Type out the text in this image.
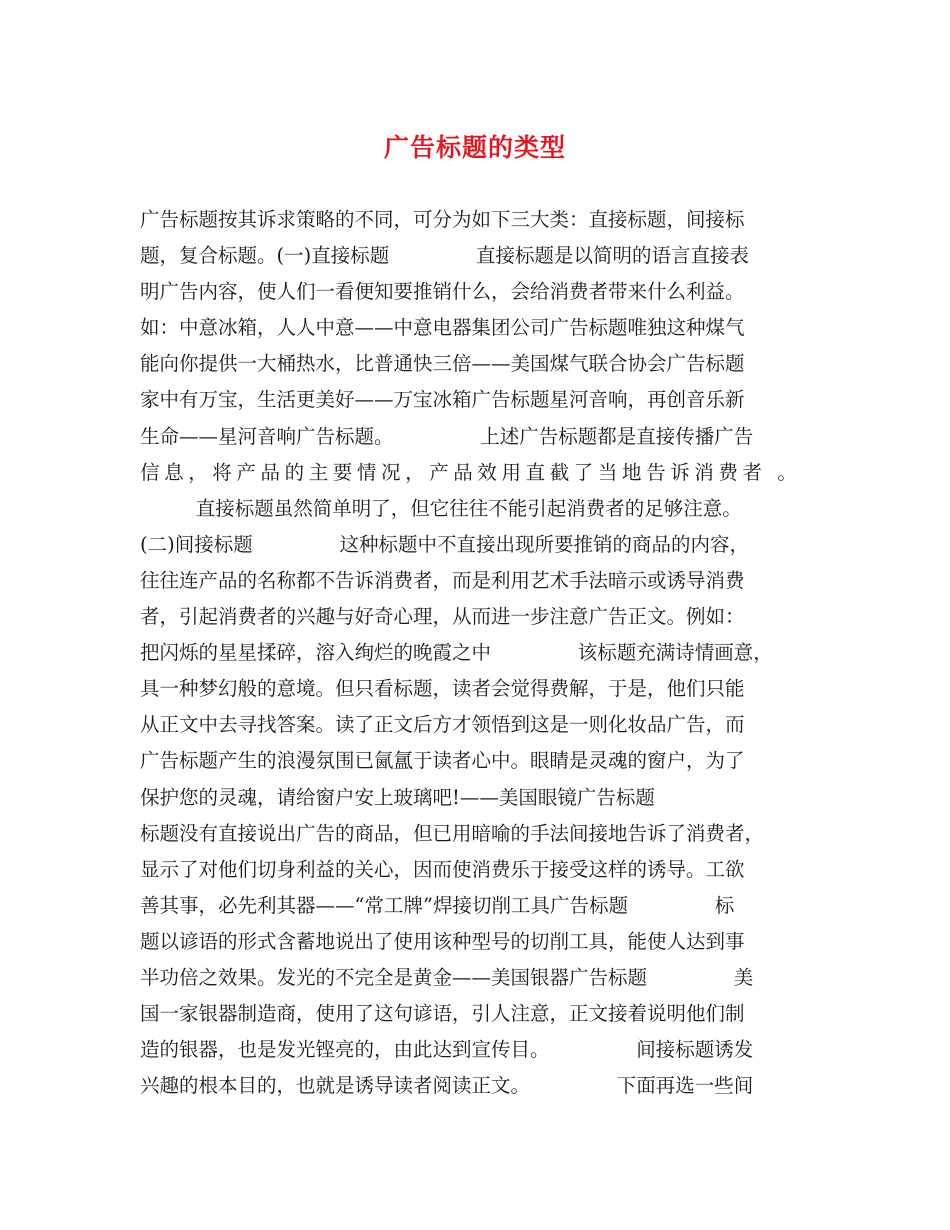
广告标题的类型
广告标题按其诉求策略的不同，可分为如下三大类：直接标题，间接标
题，复合标题。(一)直接标题              直接标题是以简明的语言直接表
明广告内容，使人们一看便知要推销什么，会给消费者带来什么利益。
如：中意冰箱，人人中意——中意电器集团公司广告标题唯独这种煤气
能向你提供一大桶热水，比普通快三倍——美国煤气联合协会广告标题
家中有万宝，生活更美好——万宝冰箱广告标题星河音响，再创音乐新
生命——星河音响广告标题。              上述广告标题都是直接传播广告
信息，将产品的主要情况，产品效用直截了当地告诉消费者 。
直接标题虽然简单明了，但它往往不能引起消费者的足够注意。
(二)间接标题              这种标题中不直接出现所要推销的商品的内容，
往往连产品的名称都不告诉消费者，而是利用艺术手法暗示或诱导消费
者，引起消费者的兴趣与好奇心理，从而进一步注意广告正文。例如：
把闪烁的星星揉碎，溶入绚烂的晚霞之中              该标题充满诗情画意，
具一种梦幻般的意境。但只看标题，读者会觉得费解，于是，他们只能
从正文中去寻找答案。读了正文后方才领悟到这是一则化妆品广告，而
广告标题产生的浪漫氛围已氤氲于读者心中。眼睛是灵魂的窗户，为了
保护您的灵魂，请给窗户安上玻璃吧!——美国眼镜广告标题
标题没有直接说出广告的商品，但已用暗喻的手法间接地告诉了消费者，
显示了对他们切身利益的关心，因而使消费乐于接受这样的诱导。工欲
善其事，必先利其器——“常工牌”焊接切削工具广告标题              标
题以谚语的形式含蓄地说出了使用该种型号的切削工具，能使人达到事
半功倍之效果。发光的不完全是黄金——美国银器广告标题              美
国一家银器制造商，使用了这句谚语，引人注意，正文接着说明他们制
造的银器，也是发光铿亮的，由此达到宣传目。              间接标题诱发
兴趣的根本目的，也就是诱导读者阅读正文。              下面再选一些间
